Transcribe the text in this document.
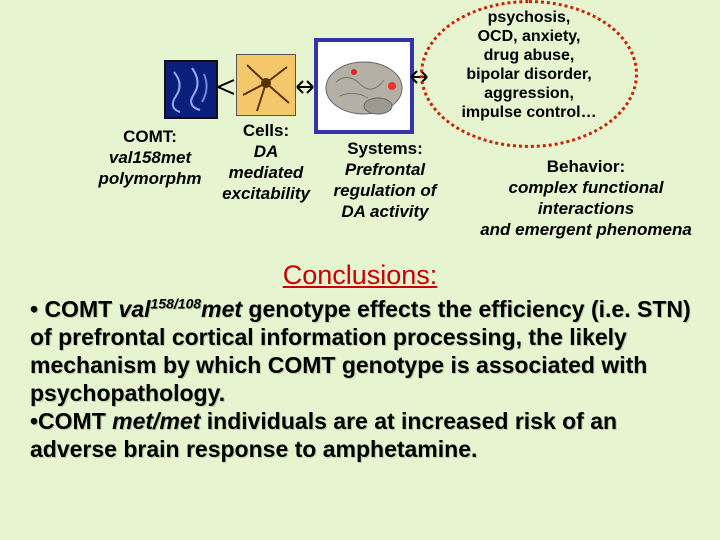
psychosis,
OCD, anxiety,
drug abuse,
bipolar disorder,
aggression,
impulse control…
COMT:
val158met
polymorphm
Cells:
DA
mediated
excitability
Systems:
Prefrontal
regulation of
DA activity
Behavior:
complex functional
interactions
and emergent phenomena
Conclusions:
• COMT val$^{158/108}$met genotype effects the efficiency (i.e. STN) of prefrontal cortical information processing, the likely mechanism by which COMT genotype is associated with psychopathology.
•COMT met/met individuals are at increased risk of an adverse brain response to amphetamine.
